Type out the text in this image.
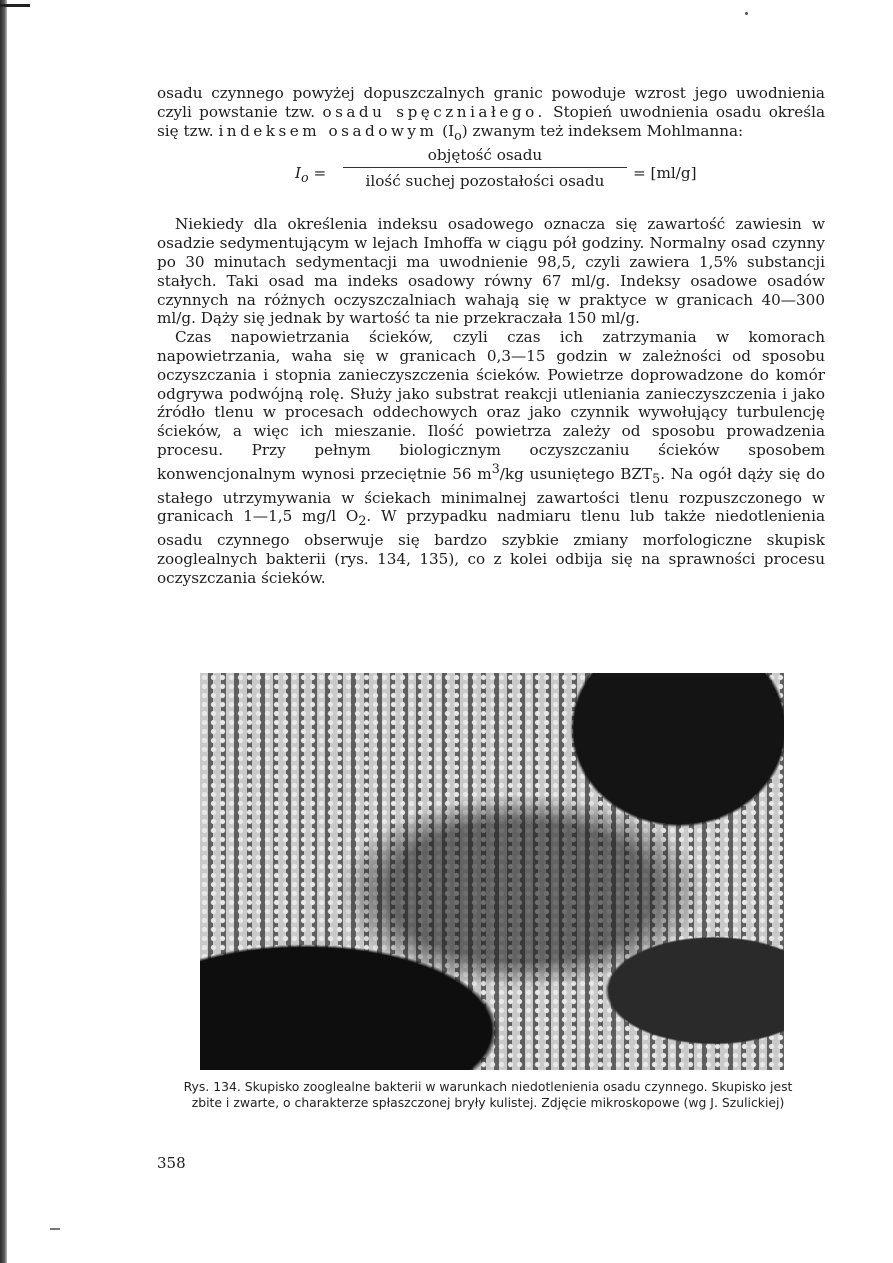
osadu czynnego powyżej dopuszczalnych granic powoduje wzrost jego uwodnienia czyli powstanie tzw. osadu spęczniałego. Stopień uwodnienia osadu określa się tzw. indeksem osadowym $(I_o)$ zwanym też indeksem Mohlmanna:

$I_o$ =
objętość osadu
ilość suchej pozostałości osadu	= [ml/g]

Niekiedy dla określenia indeksu osadowego oznacza się zawartość zawiesin w osadzie sedymentującym w lejach Imhoffa w ciągu pół godziny. Normalny osad czynny po 30 minutach sedymentacji ma uwodnienie 98,5, czyli zawiera 1,5% substancji stałych. Taki osad ma indeks osadowy równy 67 ml/g. Indeksy osadowe osadów czynnych na różnych oczyszczalniach wahają się w praktyce w granicach 40—300 ml/g. Dąży się jednak by wartość ta nie przekraczała 150 ml/g.

Czas napowietrzania ścieków, czyli czas ich zatrzymania w komorach napowietrzania, waha się w granicach 0,3—15 godzin w zależności od sposobu oczyszczania i stopnia zanieczyszczenia ścieków. Powietrze doprowadzone do komór odgrywa podwójną rolę. Służy jako substrat reakcji utleniania zanieczyszczenia i jako źródło tlenu w procesach oddechowych oraz jako czynnik wywołujący turbulencję ścieków, a więc ich mieszanie. Ilość powietrza zależy od sposobu prowadzenia procesu. Przy pełnym biologicznym oczyszczaniu ścieków sposobem konwencjonalnym wynosi przeciętnie 56 $m^3/kg$ usuniętego $BZT_5$. Na ogół dąży się do stałego utrzymywania w ściekach minimalnej zawartości tlenu rozpuszczonego w granicach 1—1,5 mg/l $O_2$. W przypadku nadmiaru tlenu lub także niedotlenienia osadu czynnego obserwuje się bardzo szybkie zmiany morfologiczne skupisk zooglealnych bakterii (rys. 134, 135), co z kolei odbija się na sprawności procesu oczyszczania ścieków.

Rys. 134. Skupisko zooglealne bakterii w warunkach niedotlenienia osadu czynnego. Skupisko jest zbite i zwarte, o charakterze spłaszczonej bryły kulistej. Zdjęcie mikroskopowe (wg J. Szulickiej)
358
